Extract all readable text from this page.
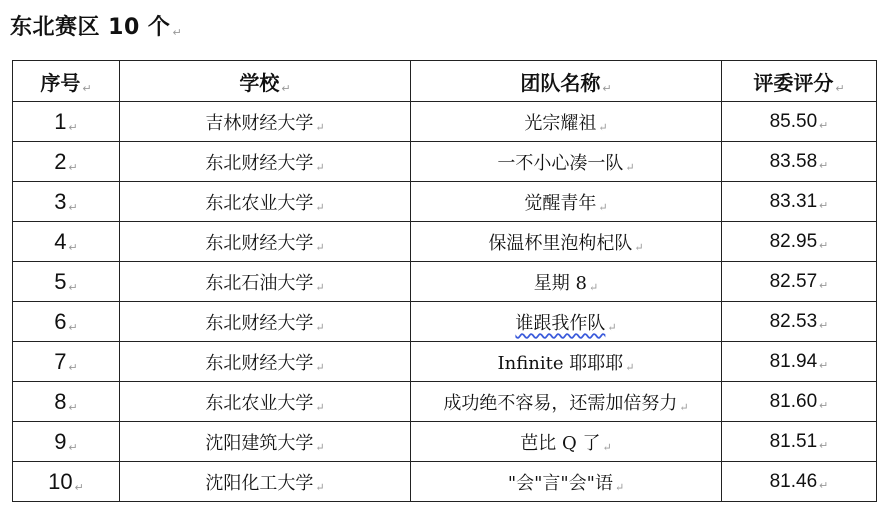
东北赛区 10 个 ↵
序号 ↵	学校 ↵	团队名称 ↵	评委评分 ↵
1 ↵	吉林财经大学 ↵	光宗耀祖 ↵	85.50 ↵
2 ↵	东北财经大学 ↵	一不小心凑一队 ↵	83.58 ↵
3 ↵	东北农业大学 ↵	觉醒青年 ↵	83.31 ↵
4 ↵	东北财经大学 ↵	保温杯里泡枸杞队 ↵	82.95 ↵
5 ↵	东北石油大学 ↵	星期 8 ↵	82.57 ↵
6 ↵	东北财经大学 ↵	谁跟我作队 ↵	82.53 ↵
7 ↵	东北财经大学 ↵	Infinite 耶耶耶 ↵	81.94 ↵
8 ↵	东北农业大学 ↵	成功绝不容易，还需加倍努力 ↵	81.60 ↵
9 ↵	沈阳建筑大学 ↵	芭比 Q 了 ↵	81.51 ↵
10 ↵	沈阳化工大学 ↵	"会"言"会"语 ↵	81.46 ↵
